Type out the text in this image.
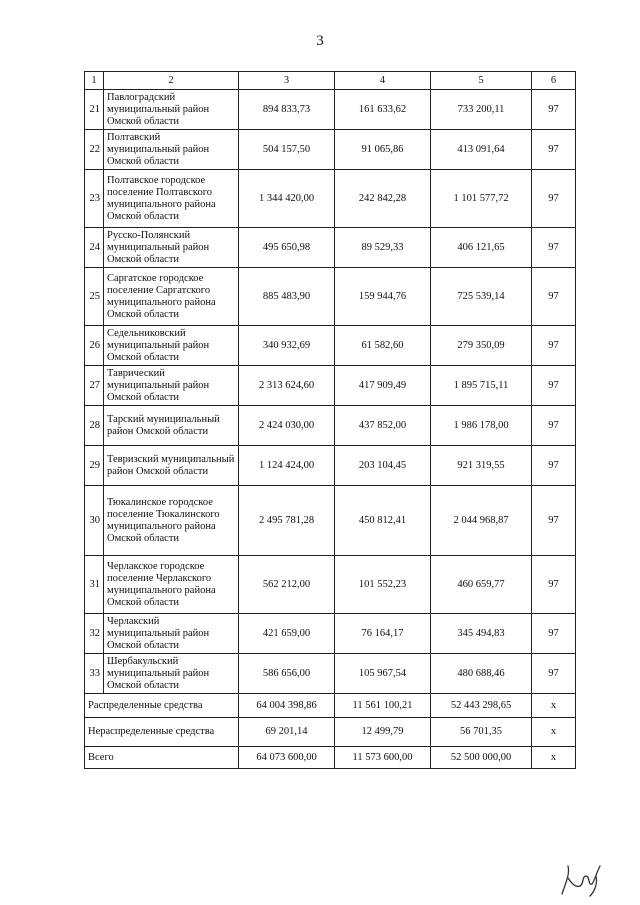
3
1	2	3	4	5	6
21	Павлоградский муниципальный район Омской области	894 833,73	161 633,62	733 200,11	97
22	Полтавский муниципальный район Омской области	504 157,50	91 065,86	413 091,64	97
23	Полтавское городское поселение Полтавского муниципального района Омской области	1 344 420,00	242 842,28	1 101 577,72	97
24	Русско-Полянский муниципальный район Омской области	495 650,98	89 529,33	406 121,65	97
25	Саргатское городское поселение Саргатского муниципального района Омской области	885 483,90	159 944,76	725 539,14	97
26	Седельниковский муниципальный район Омской области	340 932,69	61 582,60	279 350,09	97
27	Таврический муниципальный район Омской области	2 313 624,60	417 909,49	1 895 715,11	97
28	Тарский муниципальный район Омской области	2 424 030,00	437 852,00	1 986 178,00	97
29	Тевризский муниципальный район Омской области	1 124 424,00	203 104,45	921 319,55	97
30	Тюкалинское городское поселение Тюкалинского муниципального района Омской области	2 495 781,28	450 812,41	2 044 968,87	97
31	Черлакское городское поселение Черлакского муниципального района Омской области	562 212,00	101 552,23	460 659,77	97
32	Черлакский муниципальный район Омской области	421 659,00	76 164,17	345 494,83	97
33	Шербакульский муниципальный район Омской области	586 656,00	105 967,54	480 688,46	97
Распределенные средства		64 004 398,86	11 561 100,21	52 443 298,65	х
Нераспределенные средства		69 201,14	12 499,79	56 701,35	х
Всего		64 073 600,00	11 573 600,00	52 500 000,00	х
